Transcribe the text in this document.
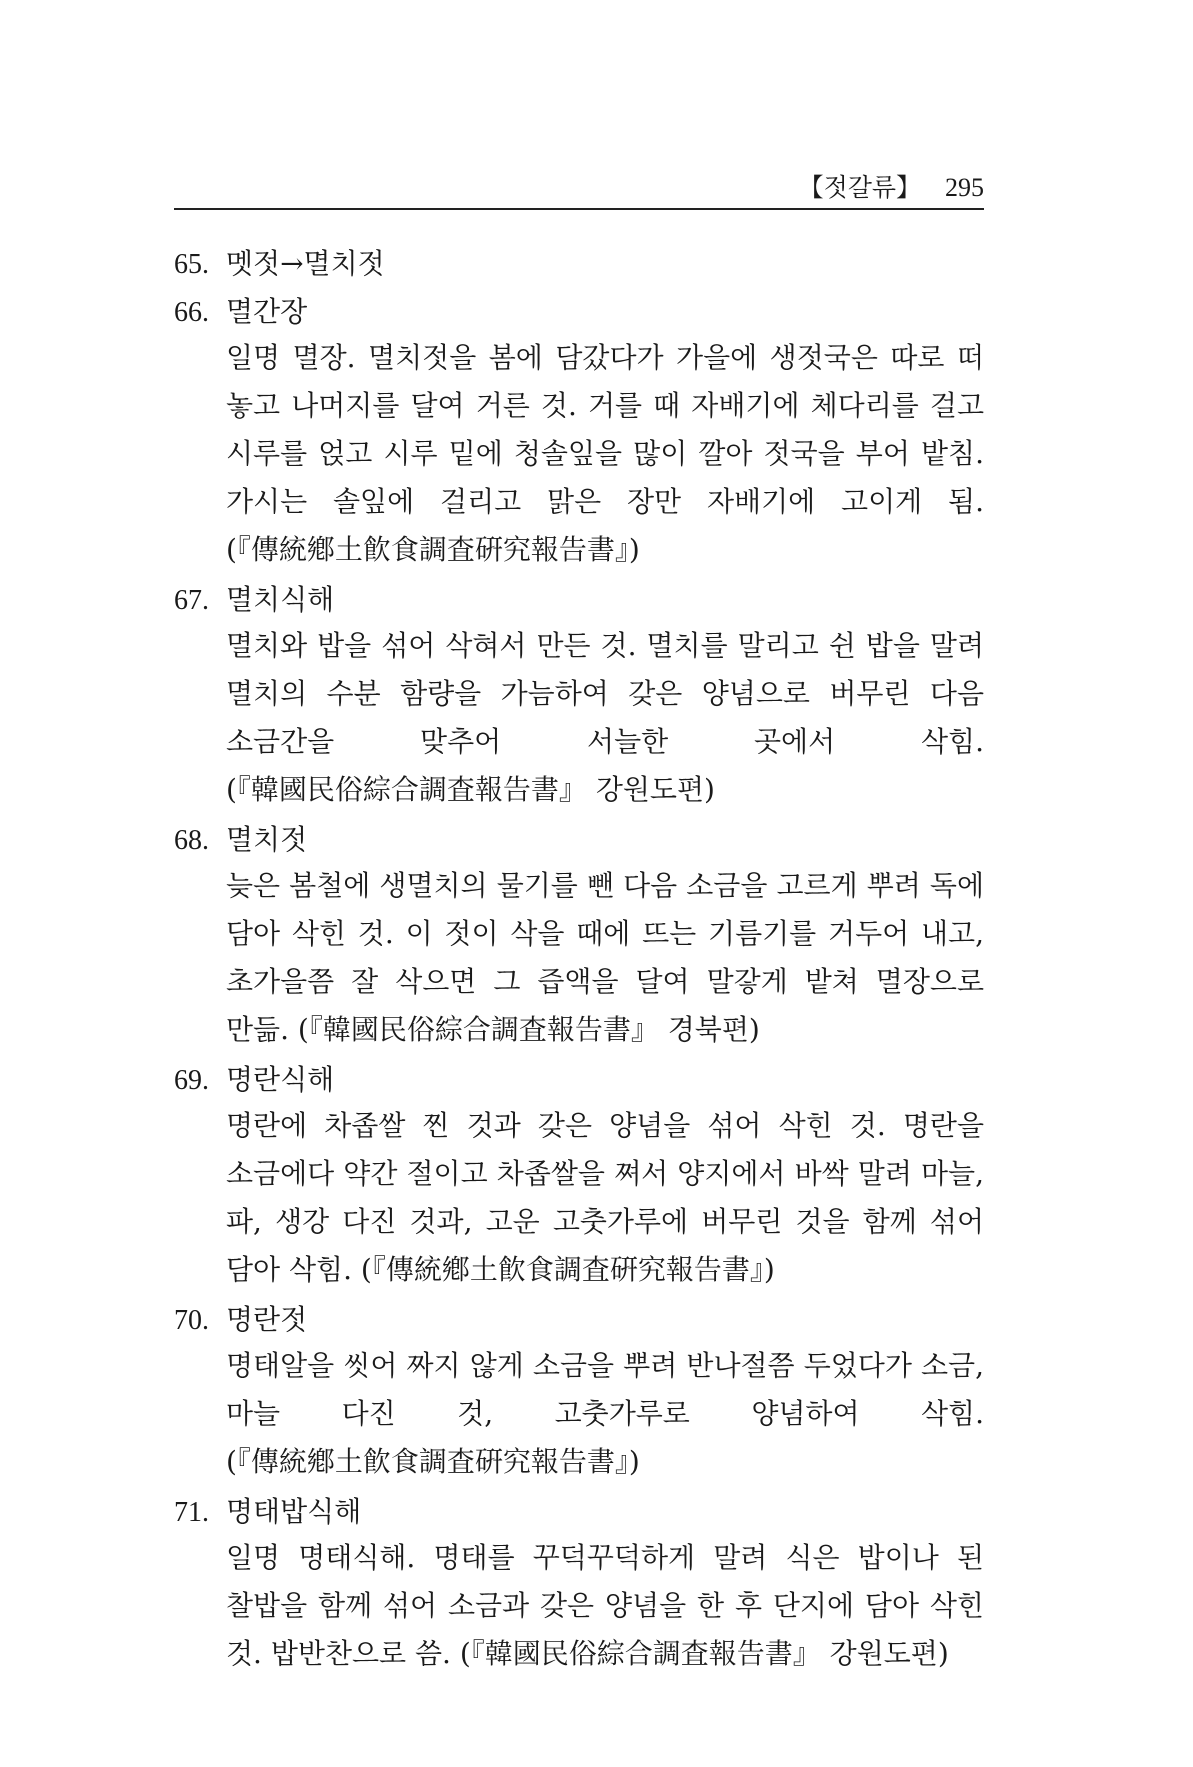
【젓갈류】 295

65. 멧젓→멸치젓

66. 멸간장

일명 멸장. 멸치젓을 봄에 담갔다가 가을에 생젓국은 따로 떠 놓고 나머지를 달여 거른 것. 거를 때 자배기에 체다리를 걸고 시루를 얹고 시루 밑에 청솔잎을 많이 깔아 젓국을 부어 밭침. 가시는 솔잎에 걸리고 맑은 장만 자배기에 고이게 됨. (『傳統鄕土飮食調査硏究報告書』)

67. 멸치식해

멸치와 밥을 섞어 삭혀서 만든 것. 멸치를 말리고 쉰 밥을 말려 멸치의 수분 함량을 가늠하여 갖은 양념으로 버무린 다음 소금간을 맞추어 서늘한 곳에서 삭힘. (『韓國民俗綜合調査報告書』 강원도편)

68. 멸치젓

늦은 봄철에 생멸치의 물기를 뺀 다음 소금을 고르게 뿌려 독에 담아 삭힌 것. 이 젓이 삭을 때에 뜨는 기름기를 거두어 내고, 초가을쯤 잘 삭으면 그 즙액을 달여 말갛게 밭쳐 멸장으로 만듦. (『韓國民俗綜合調査報告書』 경북편)

69. 명란식해

명란에 차좁쌀 찐 것과 갖은 양념을 섞어 삭힌 것. 명란을 소금에다 약간 절이고 차좁쌀을 쪄서 양지에서 바싹 말려 마늘, 파, 생강 다진 것과, 고운 고춧가루에 버무린 것을 함께 섞어 담아 삭힘. (『傳統鄕土飮食調査硏究報告書』)

70. 명란젓

명태알을 씻어 짜지 않게 소금을 뿌려 반나절쯤 두었다가 소금, 마늘 다진 것, 고춧가루로 양념하여 삭힘. (『傳統鄕土飮食調査硏究報告書』)

71. 명태밥식해

일명 명태식해. 명태를 꾸덕꾸덕하게 말려 식은 밥이나 된 찰밥을 함께 섞어 소금과 갖은 양념을 한 후 단지에 담아 삭힌 것. 밥반찬으로 씀. (『韓國民俗綜合調査報告書』 강원도편)
